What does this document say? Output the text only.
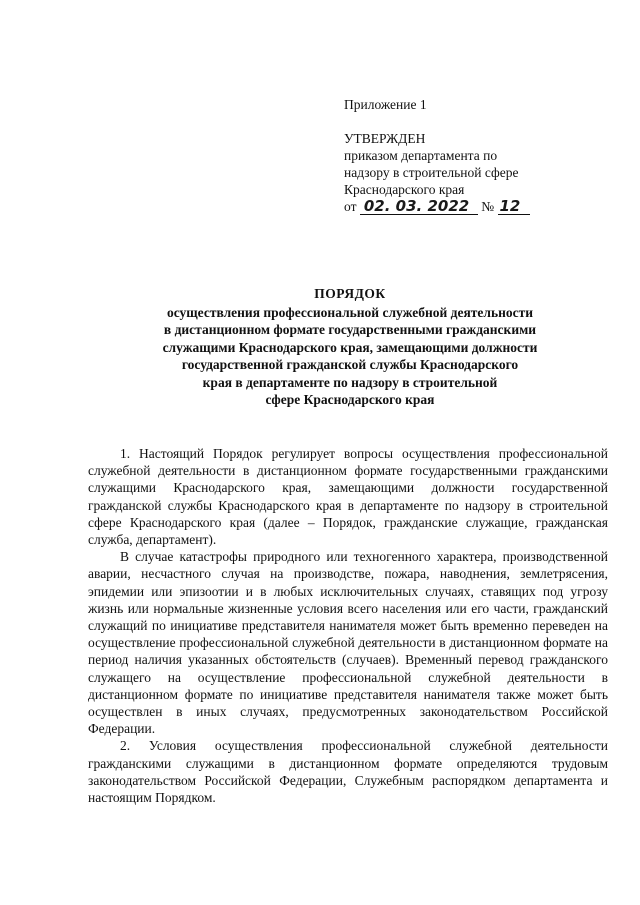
Приложение 1
УТВЕРЖДЕН
приказом департамента по
надзору в строительной сфере
Краснодарского края
от 02. 03. 2022 № 12
ПОРЯДОК
осуществления профессиональной служебной деятельности
в дистанционном формате государственными гражданскими
служащими Краснодарского края, замещающими должности
государственной гражданской службы Краснодарского
края в департаменте по надзору в строительной
сфере Краснодарского края

1. Настоящий Порядок регулирует вопросы осуществления профессиональной служебной деятельности в дистанционном формате государственными гражданскими служащими Краснодарского края, замещающими должности государственной гражданской службы Краснодарского края в департаменте по надзору в строительной сфере Краснодарского края (далее – Порядок, гражданские служащие, гражданская служба, департамент).

В случае катастрофы природного или техногенного характера, производственной аварии, несчастного случая на производстве, пожара, наводнения, землетрясения, эпидемии или эпизоотии и в любых исключительных случаях, ставящих под угрозу жизнь или нормальные жизненные условия всего населения или его части, гражданский служащий по инициативе представителя нанимателя может быть временно переведен на осуществление профессиональной служебной деятельности в дистанционном формате на период наличия указанных обстоятельств (случаев). Временный перевод гражданского служащего на осуществление профессиональной служебной деятельности в дистанционном формате по инициативе представителя нанимателя также может быть осуществлен в иных случаях, предусмотренных законодательством Российской Федерации.

2. Условия осуществления профессиональной служебной деятельности гражданскими служащими в дистанционном формате определяются трудовым законодательством Российской Федерации, Служебным распорядком департамента и настоящим Порядком.
